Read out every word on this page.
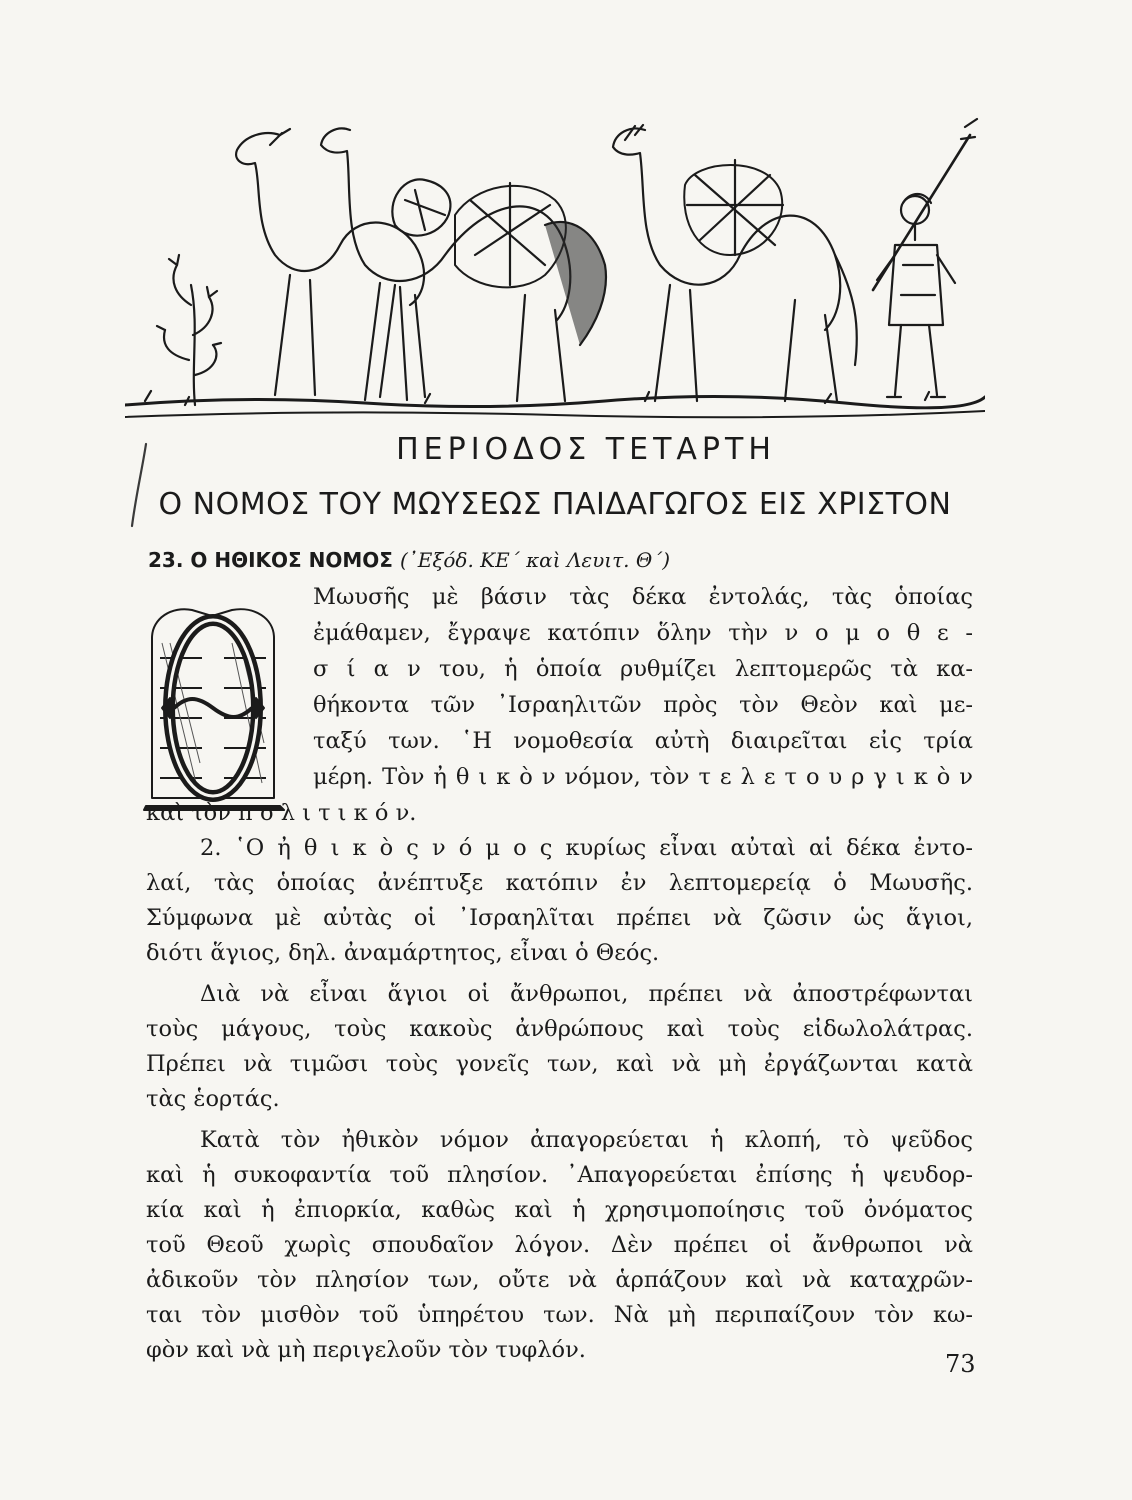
ΠΕΡΙΟΔΟΣ ΤΕΤΑΡΤΗ
Ο ΝΟΜΟΣ ΤΟΥ ΜΩΥΣΕΩΣ ΠΑΙΔΑΓΩΓΟΣ ΕΙΣ ΧΡΙΣΤΟΝ
23. Ο ΗΘΙΚΟΣ ΝΟΜΟΣ (᾿Εξόδ. ΚΕ΄ καὶ Λευιτ. Θ΄)
Μωυσῆς μὲ βάσιν τὰς δέκα ἐντολάς, τὰς ὁποίας
ἐμάθαμεν, ἔγραψε κατόπιν ὅλην τὴν ν ο μ ο θ ε -
σ ί α ν του, ἡ ὁποία ρυθμίζει λεπτομερῶς τὰ κα-
θήκοντα τῶν ᾿Ισραηλιτῶν πρὸς τὸν Θεὸν καὶ με-
ταξύ των. ῾Η νομοθεσία αὐτὴ διαιρεῖται εἰς τρία
μέρη. Τὸν ἠ θ ι κ ὸ ν νόμον, τὸν τ ε λ ε τ ο υ ρ γ ι κ ὸ ν
καὶ τὸν π ο λ ι τ ι κ ό ν.
2. ῾Ο ἠ θ ι κ ὸ ς ν ό μ ο ς κυρίως εἶναι αὐταὶ αἱ δέκα ἐντο-
λαί, τὰς ὁποίας ἀνέπτυξε κατόπιν ἐν λεπτομερείᾳ ὁ Μωυσῆς.
Σύμφωνα μὲ αὐτὰς οἱ ᾿Ισραηλῖται πρέπει νὰ ζῶσιν ὡς ἅγιοι,
διότι ἅγιος, δηλ. ἀναμάρτητος, εἶναι ὁ Θεός.
Διὰ νὰ εἶναι ἅγιοι οἱ ἄνθρωποι, πρέπει νὰ ἀποστρέφωνται
τοὺς μάγους, τοὺς κακοὺς ἀνθρώπους καὶ τοὺς εἰδωλολάτρας.
Πρέπει νὰ τιμῶσι τοὺς γονεῖς των, καὶ νὰ μὴ ἐργάζωνται κατὰ
τὰς ἑορτάς.
Κατὰ τὸν ἠθικὸν νόμον ἀπαγορεύεται ἡ κλοπή, τὸ ψεῦδος
καὶ ἡ συκοφαντία τοῦ πλησίον. ᾿Απαγορεύεται ἐπίσης ἡ ψευδορ-
κία καὶ ἡ ἐπιορκία, καθὼς καὶ ἡ χρησιμοποίησις τοῦ ὀνόματος
τοῦ Θεοῦ χωρὶς σπουδαῖον λόγον. Δὲν πρέπει οἱ ἄνθρωποι νὰ
ἀδικοῦν τὸν πλησίον των, οὔτε νὰ ἁρπάζουν καὶ νὰ καταχρῶν-
ται τὸν μισθὸν τοῦ ὑπηρέτου των. Νὰ μὴ περιπαίζουν τὸν κω-
φὸν καὶ νὰ μὴ περιγελοῦν τὸν τυφλόν.	73
